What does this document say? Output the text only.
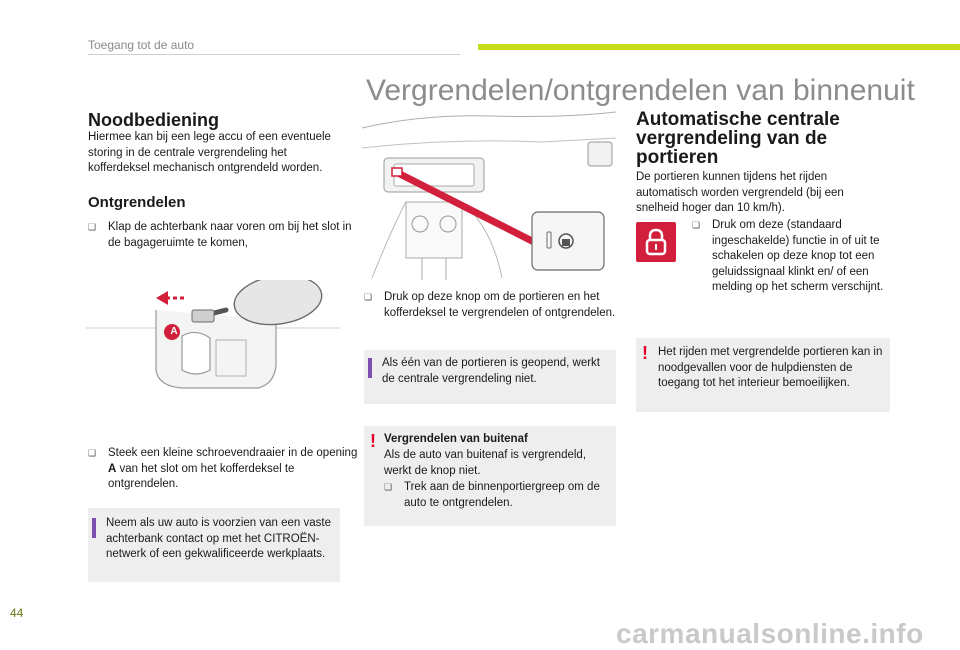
Toegang tot de auto
Vergrendelen/ontgrendelen van binnenuit
Noodbediening
Hiermee kan bij een lege accu of een eventuele storing in de centrale vergrendeling het kofferdeksel mechanisch ontgrendeld worden.
Ontgrendelen
❑ Klap de achterbank naar voren om bij het slot in de bagageruimte te komen,
A
❑ Steek een kleine schroevendraaier in de opening A van het slot om het kofferdeksel te ontgrendelen.
Neem als uw auto is voorzien van een vaste achterbank contact op met het CITROËN-netwerk of een gekwalificeerde werkplaats.
❑ Druk op deze knop om de portieren en het kofferdeksel te vergrendelen of ontgrendelen.
Als één van de portieren is geopend, werkt de centrale vergrendeling niet.
! Vergrendelen van buitenaf
Als de auto van buitenaf is vergrendeld, werkt de knop niet.
❑ Trek aan de binnenportiergreep om de auto te ontgrendelen.
Automatische centrale vergrendeling van de portieren
De portieren kunnen tijdens het rijden automatisch worden vergrendeld (bij een snelheid hoger dan 10 km/h).
❑ Druk om deze (standaard ingeschakelde) functie in of uit te schakelen op deze knop tot een geluidssignaal klinkt en/ of een melding op het scherm verschijnt.
! Het rijden met vergrendelde portieren kan in noodgevallen voor de hulpdiensten de toegang tot het interieur bemoeilijken.
44
carmanualsonline.info
